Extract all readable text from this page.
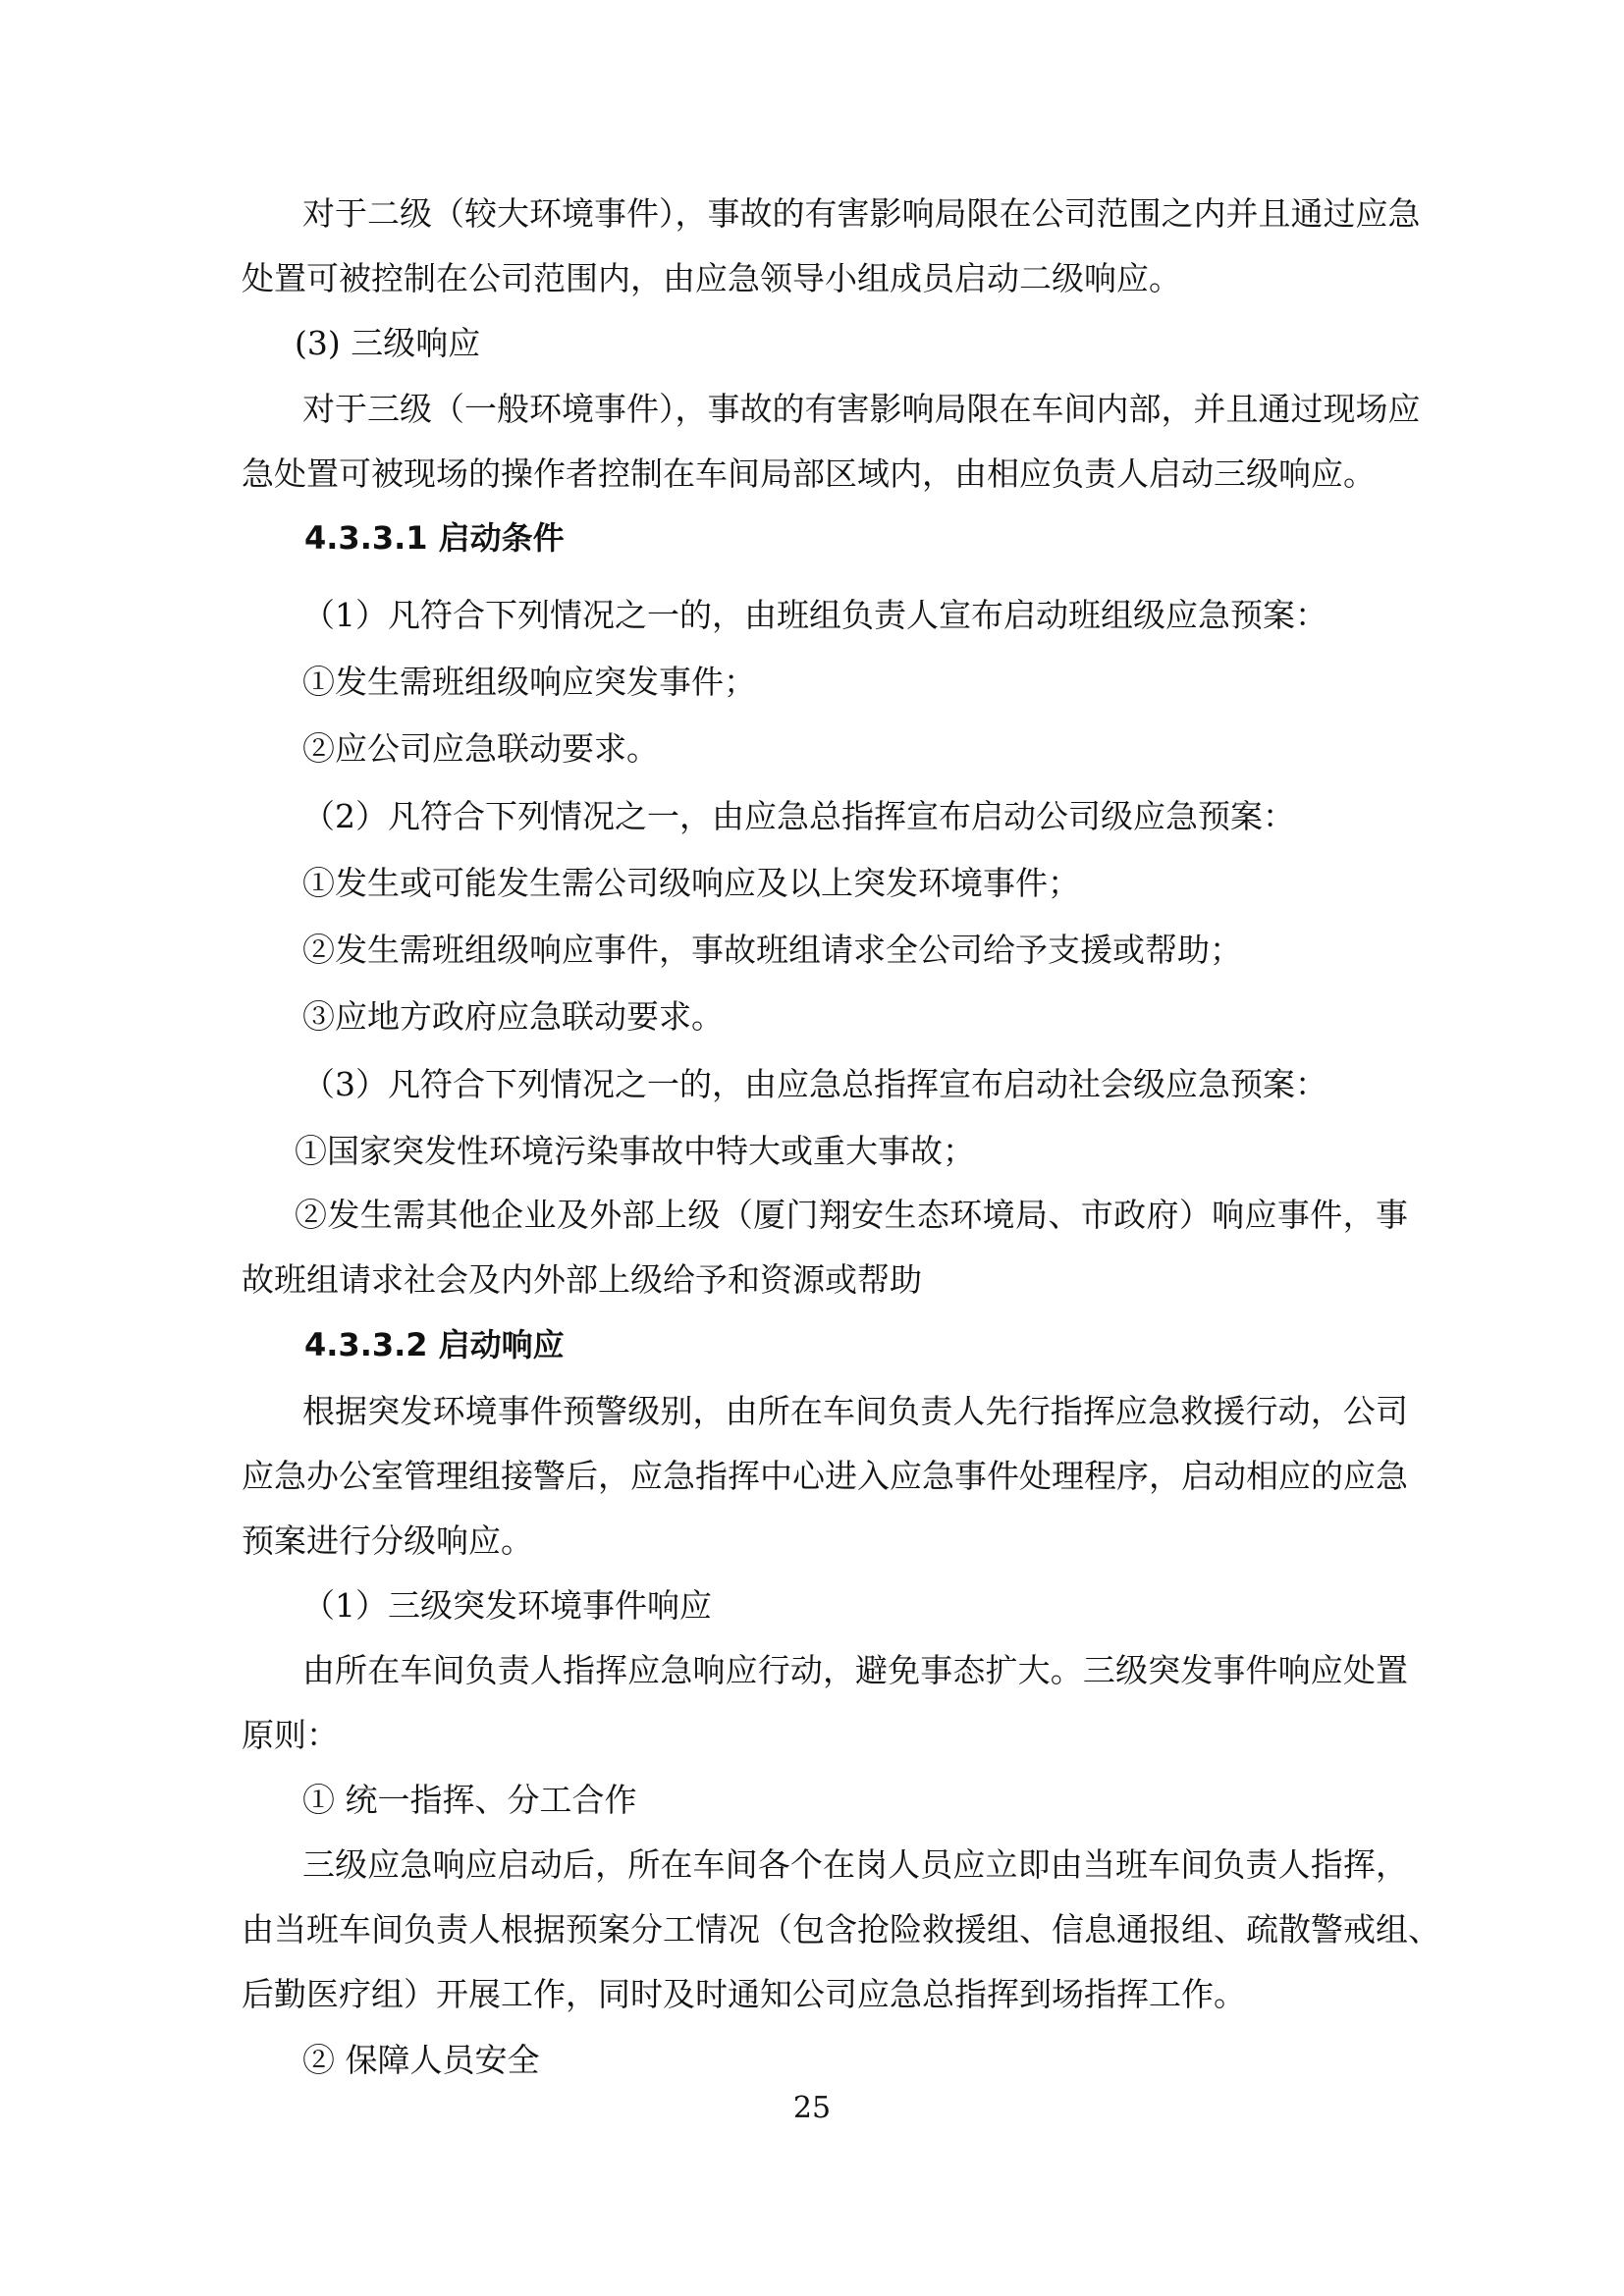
对于二级（较大环境事件），事故的有害影响局限在公司范围之内并且通过应急
处置可被控制在公司范围内，由应急领导小组成员启动二级响应。
(3) 三级响应
对于三级（一般环境事件），事故的有害影响局限在车间内部，并且通过现场应
急处置可被现场的操作者控制在车间局部区域内，由相应负责人启动三级响应。
4.3.3.1 启动条件
（1）凡符合下列情况之一的，由班组负责人宣布启动班组级应急预案：
①发生需班组级响应突发事件；
②应公司应急联动要求。
（2）凡符合下列情况之一，由应急总指挥宣布启动公司级应急预案：
①发生或可能发生需公司级响应及以上突发环境事件；
②发生需班组级响应事件，事故班组请求全公司给予支援或帮助；
③应地方政府应急联动要求。
（3）凡符合下列情况之一的，由应急总指挥宣布启动社会级应急预案：
①国家突发性环境污染事故中特大或重大事故；
②发生需其他企业及外部上级（厦门翔安生态环境局、市政府）响应事件，事
故班组请求社会及内外部上级给予和资源或帮助
4.3.3.2 启动响应
根据突发环境事件预警级别，由所在车间负责人先行指挥应急救援行动，公司
应急办公室管理组接警后，应急指挥中心进入应急事件处理程序，启动相应的应急
预案进行分级响应。
（1）三级突发环境事件响应
由所在车间负责人指挥应急响应行动，避免事态扩大。三级突发事件响应处置
原则：
① 统一指挥、分工合作
三级应急响应启动后，所在车间各个在岗人员应立即由当班车间负责人指挥，
由当班车间负责人根据预案分工情况（包含抢险救援组、信息通报组、疏散警戒组、
后勤医疗组）开展工作，同时及时通知公司应急总指挥到场指挥工作。
② 保障人员安全
25
